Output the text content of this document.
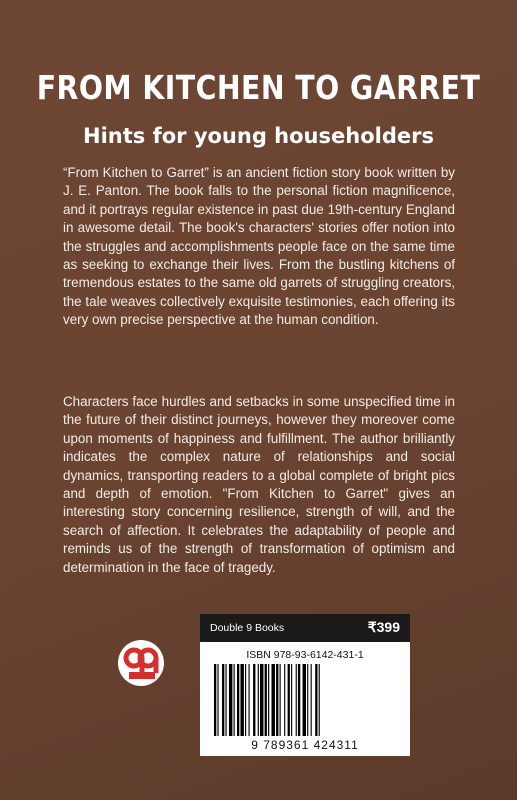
FROM KITCHEN TO GARRET
Hints for young householders

“From Kitchen to Garret” is an ancient fiction story book written by J. E. Panton. The book falls to the personal fiction magnificence, and it portrays regular existence in past due 19th-century England in awesome detail. The book's characters' stories offer notion into the struggles and accomplishments people face on the same time as seeking to exchange their lives. From the bustling kitchens of tremendous estates to the same old garrets of struggling creators, the tale weaves collectively exquisite testimonies, each offering its very own precise perspective at the human condition.

Characters face hurdles and setbacks in some unspecified time in the future of their distinct journeys, however they moreover come upon moments of happiness and fulfillment. The author brilliantly indicates the complex nature of relationships and social dynamics, transporting readers to a global complete of bright pics and depth of emotion. "From Kitchen to Garret" gives an interesting story concerning resilience, strength of will, and the search of affection. It celebrates the adaptability of people and reminds us of the strength of transformation of optimism and determination in the face of tragedy.

Double 9 Books	₹399
ISBN 978-93-6142-431-1
9 789361 424311
